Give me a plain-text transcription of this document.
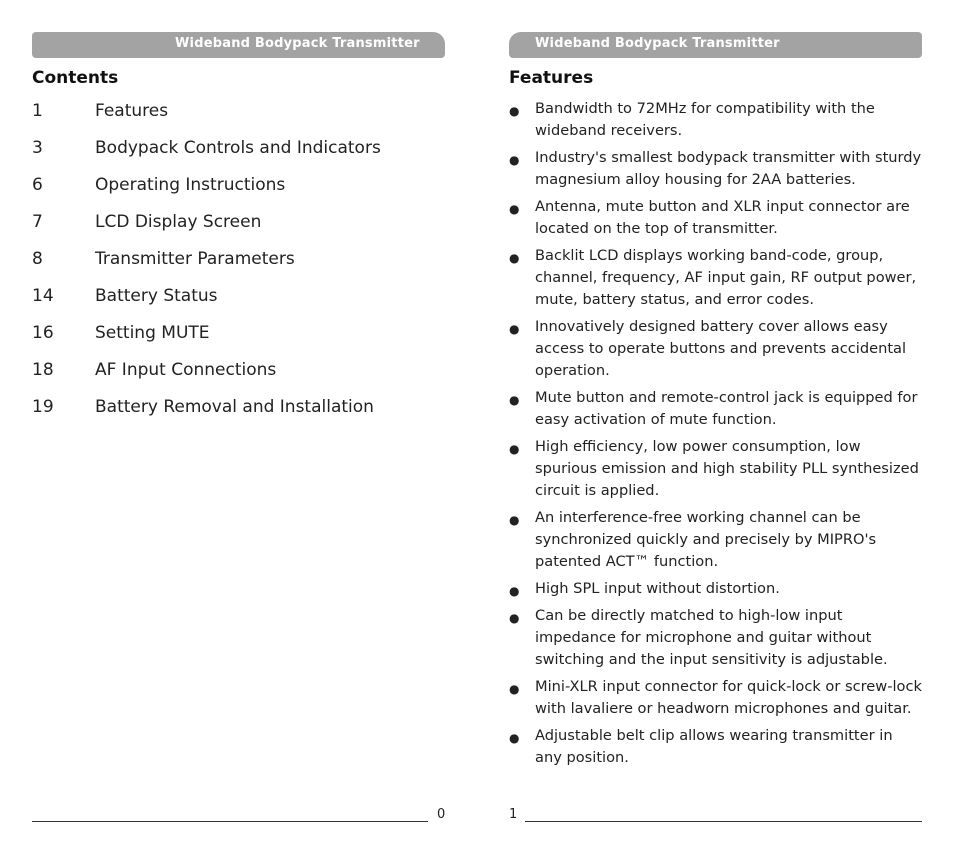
Wideband Bodypack Transmitter
Contents
1	Features
3	Bodypack Controls and Indicators
6	Operating Instructions
7	LCD Display Screen
8	Transmitter Parameters
14 Battery Status
16 Setting MUTE
18 AF Input Connections
19 Battery Removal and Installation
0
Wideband Bodypack Transmitter
Features
● Bandwidth to 72MHz for compatibility with the wideband receivers.
● Industry's smallest bodypack transmitter with sturdy magnesium alloy housing for 2AA batteries.
● Antenna, mute button and XLR input connector are located on the top of transmitter.
● Backlit LCD displays working band-code, group, channel, frequency, AF input gain, RF output power, mute, battery status, and error codes.
● Innovatively designed battery cover allows easy access to operate buttons and prevents accidental operation.
● Mute button and remote-control jack is equipped for easy activation of mute function.
● High efficiency, low power consumption, low spurious emission and high stability PLL synthesized circuit is applied.
● An interference-free working channel can be synchronized quickly and precisely by MIPRO's patented ACT™ function.
● High SPL input without distortion.
● Can be directly matched to high-low input impedance for microphone and guitar without switching and the input sensitivity is adjustable.
● Mini-XLR input connector for quick-lock or screw-lock with lavaliere or headworn microphones and guitar.
● Adjustable belt clip allows wearing transmitter in any position.
1
